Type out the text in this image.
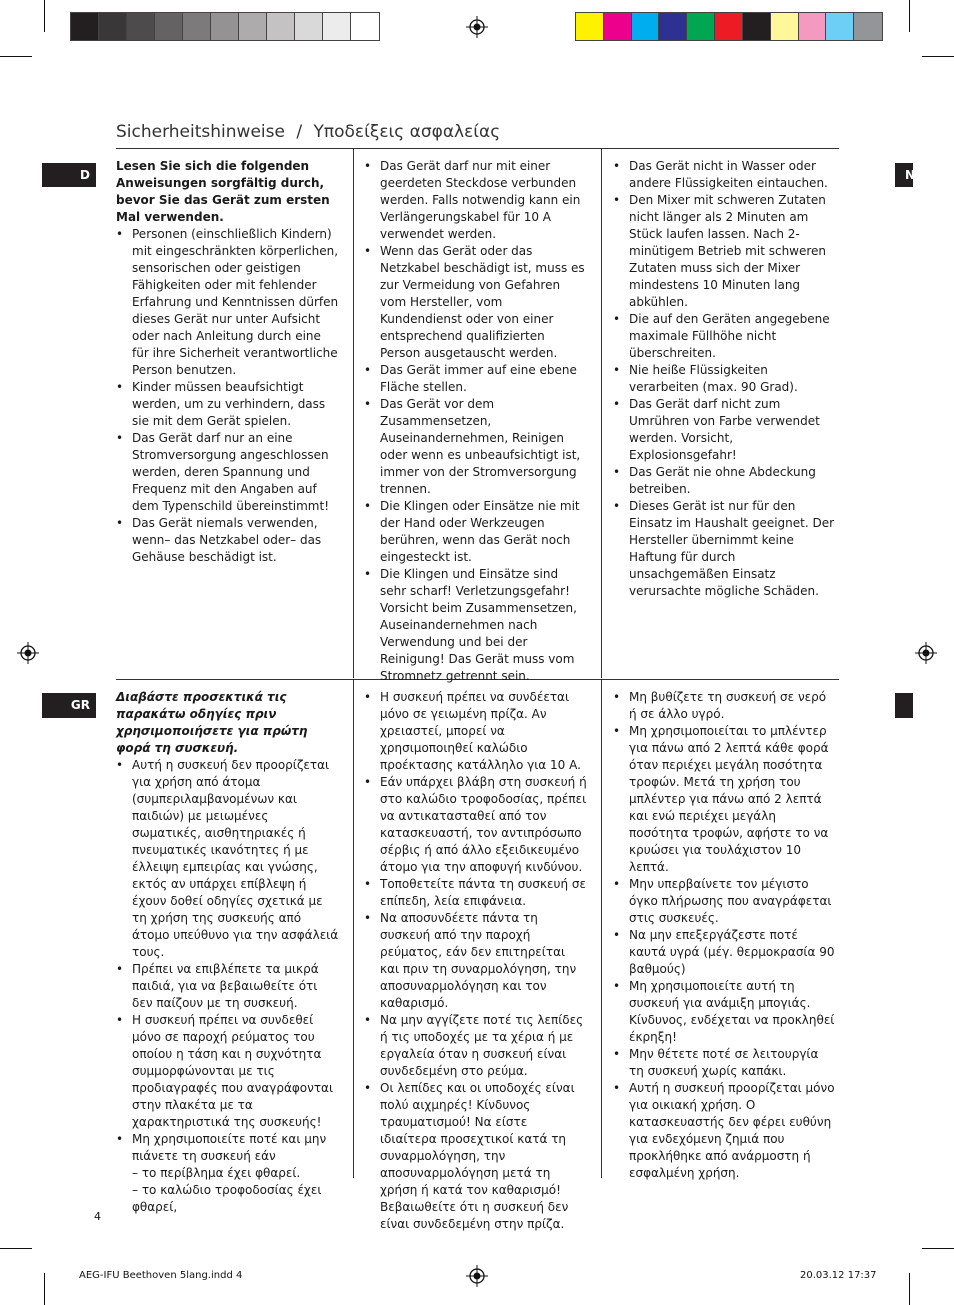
Sicherheitshinweise / Υποδείξεις ασφαλείας
D
GR
N

Lesen Sie sich die folgenden Anweisungen sorgfältig durch, bevor Sie das Gerät zum ersten Mal verwenden.

• Personen (einschließlich Kindern) mit eingeschränkten körperlichen, sensorischen oder geistigen Fähigkeiten oder mit fehlender Erfahrung und Kenntnissen dürfen dieses Gerät nur unter Aufsicht oder nach Anleitung durch eine für ihre Sicherheit verantwortliche Person benutzen.
• Kinder müssen beaufsichtigt werden, um zu verhindern, dass sie mit dem Gerät spielen.
• Das Gerät darf nur an eine Stromversorgung angeschlossen werden, deren Spannung und Frequenz mit den Angaben auf dem Typenschild übereinstimmt!
• Das Gerät niemals verwenden, wenn– das Netzkabel oder– das Gehäuse beschädigt ist.
• Das Gerät darf nur mit einer geerdeten Steckdose verbunden werden. Falls notwendig kann ein Verlängerungskabel für 10 A verwendet werden.
• Wenn das Gerät oder das Netzkabel beschädigt ist, muss es zur Vermeidung von Gefahren vom Hersteller, vom Kundendienst oder von einer entsprechend qualifizierten Person ausgetauscht werden.
• Das Gerät immer auf eine ebene Fläche stellen.
• Das Gerät vor dem Zusammensetzen, Auseinandernehmen, Reinigen oder wenn es unbeaufsichtigt ist, immer von der Stromversorgung trennen.
• Die Klingen oder Einsätze nie mit der Hand oder Werkzeugen berühren, wenn das Gerät noch eingesteckt ist.
• Die Klingen und Einsätze sind sehr scharf! Verletzungsgefahr! Vorsicht beim Zusammensetzen, Auseinandernehmen nach Verwendung und bei der Reinigung! Das Gerät muss vom Stromnetz getrennt sein.
• Das Gerät nicht in Wasser oder andere Flüssigkeiten eintauchen.
• Den Mixer mit schweren Zutaten nicht länger als 2 Minuten am Stück laufen lassen. Nach 2-minütigem Betrieb mit schweren Zutaten muss sich der Mixer mindestens 10 Minuten lang abkühlen.
• Die auf den Geräten angegebene maximale Füllhöhe nicht überschreiten.
• Nie heiße Flüssigkeiten verarbeiten (max. 90 Grad).
• Das Gerät darf nicht zum Umrühren von Farbe verwendet werden. Vorsicht, Explosionsgefahr!
• Das Gerät nie ohne Abdeckung betreiben.
• Dieses Gerät ist nur für den Einsatz im Haushalt geeignet. Der Hersteller übernimmt keine Haftung für durch unsachgemäßen Einsatz verursachte mögliche Schäden.

Διαβάστε προσεκτικά τις παρακάτω οδηγίες πριν χρησιμοποιήσετε για πρώτη φορά τη συσκευή.

• Αυτή η συσκευή δεν προορίζεται για χρήση από άτομα (συμπεριλαμβανομένων και παιδιών) με μειωμένες σωματικές, αισθητηριακές ή πνευματικές ικανότητες ή με έλλειψη εμπειρίας και γνώσης, εκτός αν υπάρχει επίβλεψη ή έχουν δοθεί οδηγίες σχετικά με τη χρήση της συσκευής από άτομο υπεύθυνο για την ασφάλειά τους.
• Πρέπει να επιβλέπετε τα μικρά παιδιά, για να βεβαιωθείτε ότι δεν παίζουν με τη συσκευή.
• Η συσκευή πρέπει να συνδεθεί μόνο σε παροχή ρεύματος του οποίου η τάση και η συχνότητα συμμορφώνονται με τις προδιαγραφές που αναγράφονται στην πλακέτα με τα χαρακτηριστικά της συσκευής!
• Μη χρησιμοποιείτε ποτέ και μην πιάνετε τη συσκευή εάν
– το περίβλημα έχει φθαρεί.
– το καλώδιο τροφοδοσίας έχει φθαρεί,
• Η συσκευή πρέπει να συνδέεται μόνο σε γειωμένη πρίζα. Αν χρειαστεί, μπορεί να χρησιμοποιηθεί καλώδιο προέκτασης κατάλληλο για 10 A.
• Εάν υπάρχει βλάβη στη συσκευή ή στο καλώδιο τροφοδοσίας, πρέπει να αντικατασταθεί από τον κατασκευαστή, τον αντιπρόσωπο σέρβις ή από άλλο εξειδικευμένο άτομο για την αποφυγή κινδύνου.
• Τοποθετείτε πάντα τη συσκευή σε επίπεδη, λεία επιφάνεια.
• Να αποσυνδέετε πάντα τη συσκευή από την παροχή ρεύματος, εάν δεν επιτηρείται και πριν τη συναρμολόγηση, την αποσυναρμολόγηση και τον καθαρισμό.
• Να μην αγγίζετε ποτέ τις λεπίδες ή τις υποδοχές με τα χέρια ή με εργαλεία όταν η συσκευή είναι συνδεδεμένη στο ρεύμα.
• Οι λεπίδες και οι υποδοχές είναι πολύ αιχμηρές! Κίνδυνος τραυματισμού! Να είστε ιδιαίτερα προσεχτικοί κατά τη συναρμολόγηση, την αποσυναρμολόγηση μετά τη χρήση ή κατά τον καθαρισμό! Βεβαιωθείτε ότι η συσκευή δεν είναι συνδεδεμένη στην πρίζα.
• Μη βυθίζετε τη συσκευή σε νερό ή σε άλλο υγρό.
• Μη χρησιμοποιείται το μπλέντερ για πάνω από 2 λεπτά κάθε φορά όταν περιέχει μεγάλη ποσότητα τροφών. Μετά τη χρήση του μπλέντερ για πάνω από 2 λεπτά και ενώ περιέχει μεγάλη ποσότητα τροφών, αφήστε το να κρυώσει για τουλάχιστον 10 λεπτά.
• Μην υπερβαίνετε τον μέγιστο όγκο πλήρωσης που αναγράφεται στις συσκευές.
• Να μην επεξεργάζεστε ποτέ καυτά υγρά (μέγ. θερμοκρασία 90 βαθμούς)
• Μη χρησιμοποιείτε αυτή τη συσκευή για ανάμιξη μπογιάς. Κίνδυνος, ενδέχεται να προκληθεί έκρηξη!
• Μην θέτετε ποτέ σε λειτουργία τη συσκευή χωρίς καπάκι.
• Αυτή η συσκευή προορίζεται μόνο για οικιακή χρήση. Ο κατασκευαστής δεν φέρει ευθύνη για ενδεχόμενη ζημιά που προκλήθηκε από ανάρμοστη ή εσφαλμένη χρήση.
4
AEG-IFU Beethoven 5lang.indd 4	20.03.12 17:37
